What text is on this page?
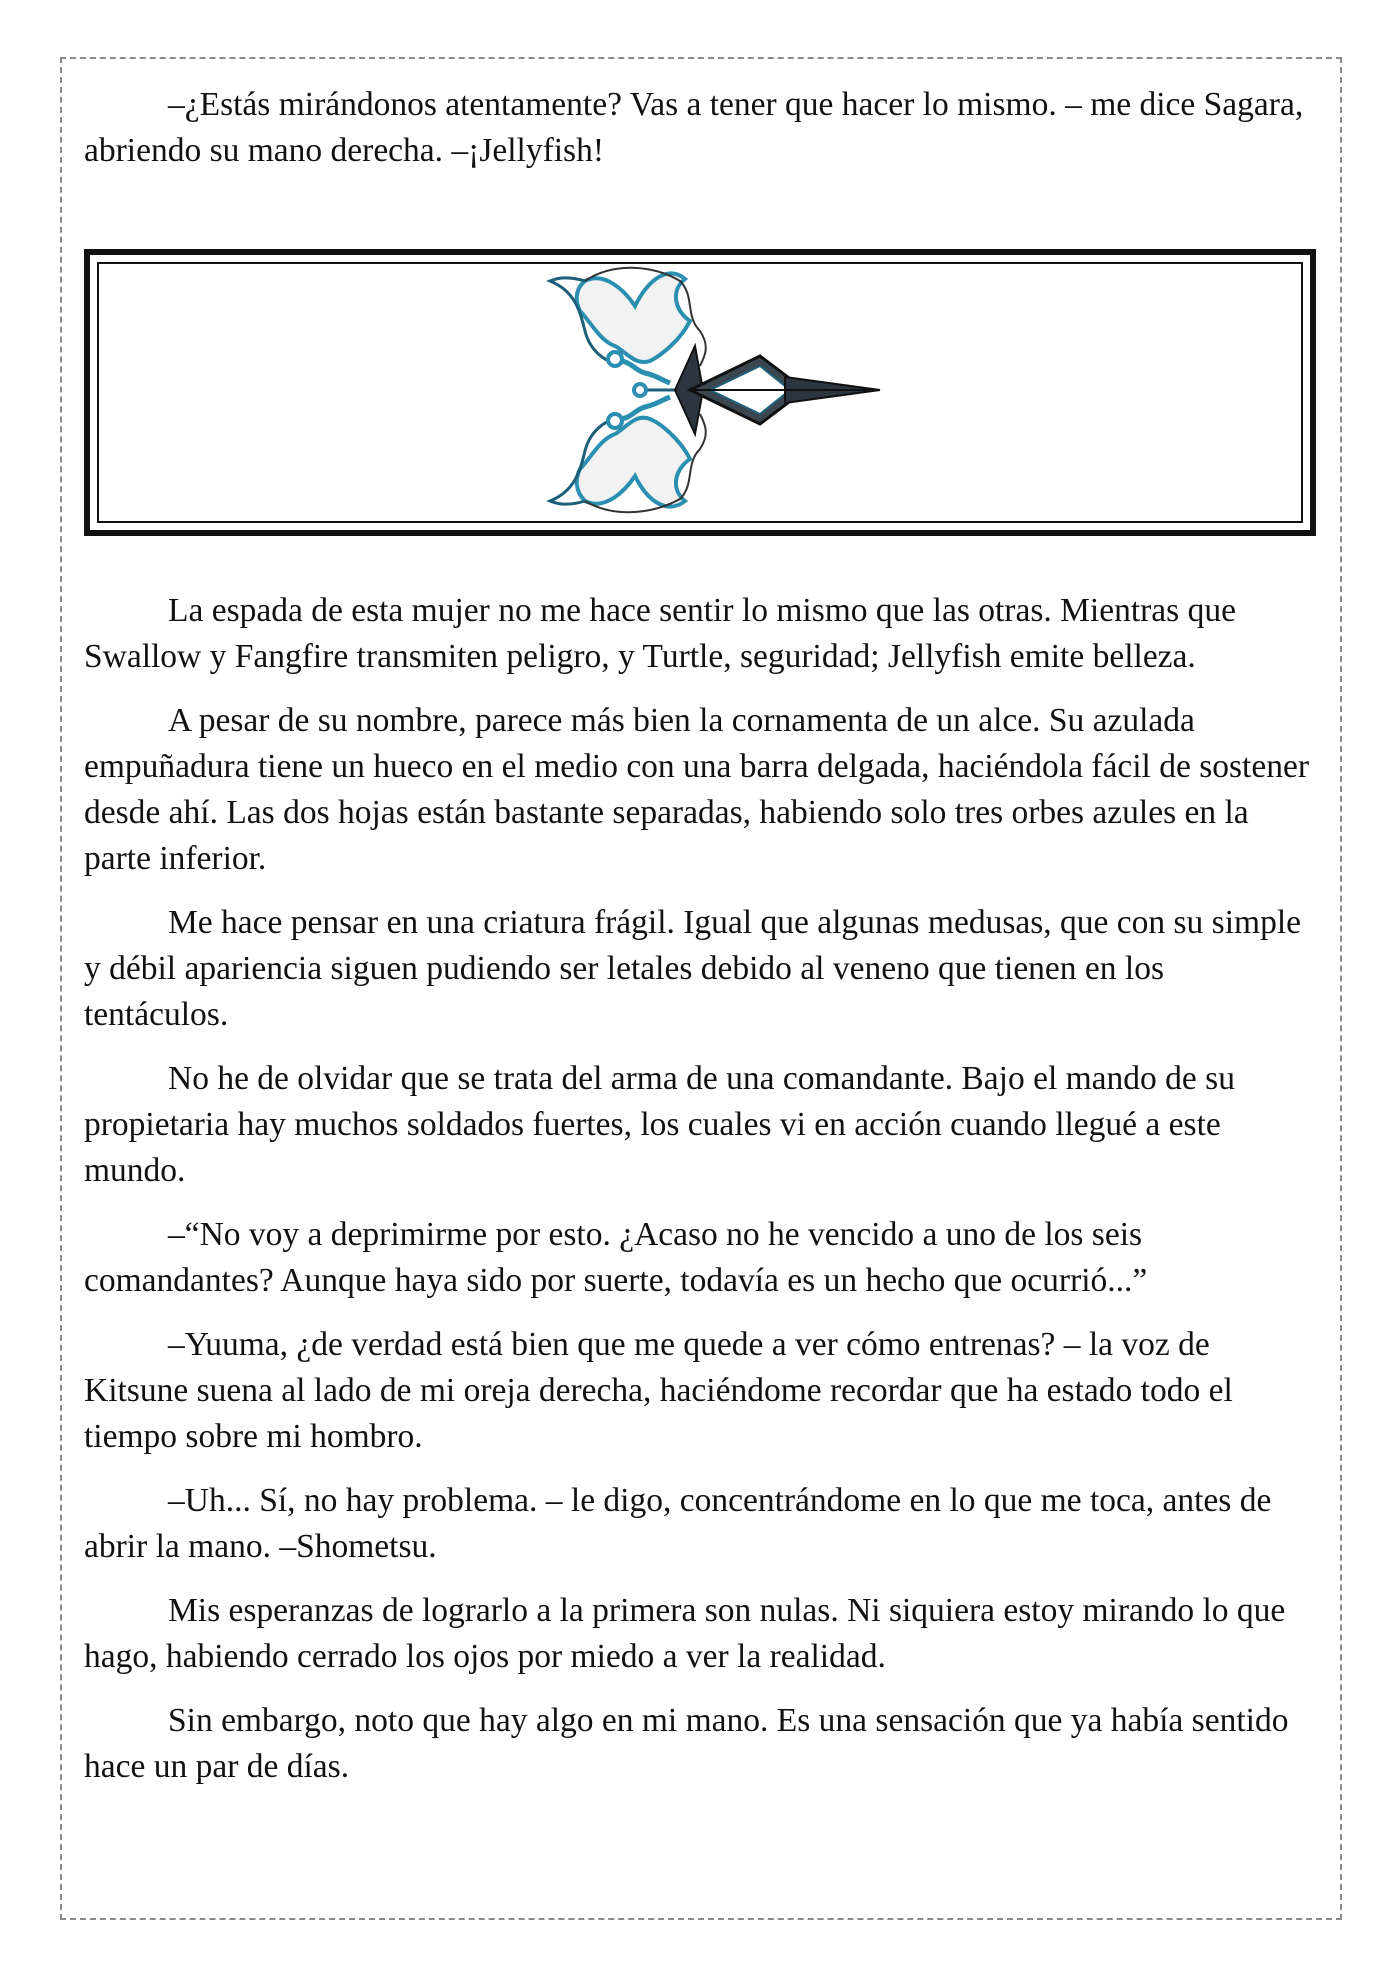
–¿Estás mirándonos atentamente? Vas a tener que hacer lo mismo. – me dice Sagara, abriendo su mano derecha. –¡Jellyfish!

La espada de esta mujer no me hace sentir lo mismo que las otras. Mientras que Swallow y Fangfire transmiten peligro, y Turtle, seguridad; Jellyfish emite belleza.

A pesar de su nombre, parece más bien la cornamenta de un alce. Su azulada empuñadura tiene un hueco en el medio con una barra delgada, haciéndola fácil de sostener desde ahí. Las dos hojas están bastante separadas, habiendo solo tres orbes azules en la parte inferior.

Me hace pensar en una criatura frágil. Igual que algunas medusas, que con su simple y débil apariencia siguen pudiendo ser letales debido al veneno que tienen en los tentáculos.

No he de olvidar que se trata del arma de una comandante. Bajo el mando de su propietaria hay muchos soldados fuertes, los cuales vi en acción cuando llegué a este mundo.

–“No voy a deprimirme por esto. ¿Acaso no he vencido a uno de los seis comandantes? Aunque haya sido por suerte, todavía es un hecho que ocurrió...”

–Yuuma, ¿de verdad está bien que me quede a ver cómo entrenas? – la voz de Kitsune suena al lado de mi oreja derecha, haciéndome recordar que ha estado todo el tiempo sobre mi hombro.

–Uh... Sí, no hay problema. – le digo, concentrándome en lo que me toca, antes de abrir la mano. –Shometsu.

Mis esperanzas de lograrlo a la primera son nulas. Ni siquiera estoy mirando lo que hago, habiendo cerrado los ojos por miedo a ver la realidad.

Sin embargo, noto que hay algo en mi mano. Es una sensación que ya había sentido hace un par de días.
